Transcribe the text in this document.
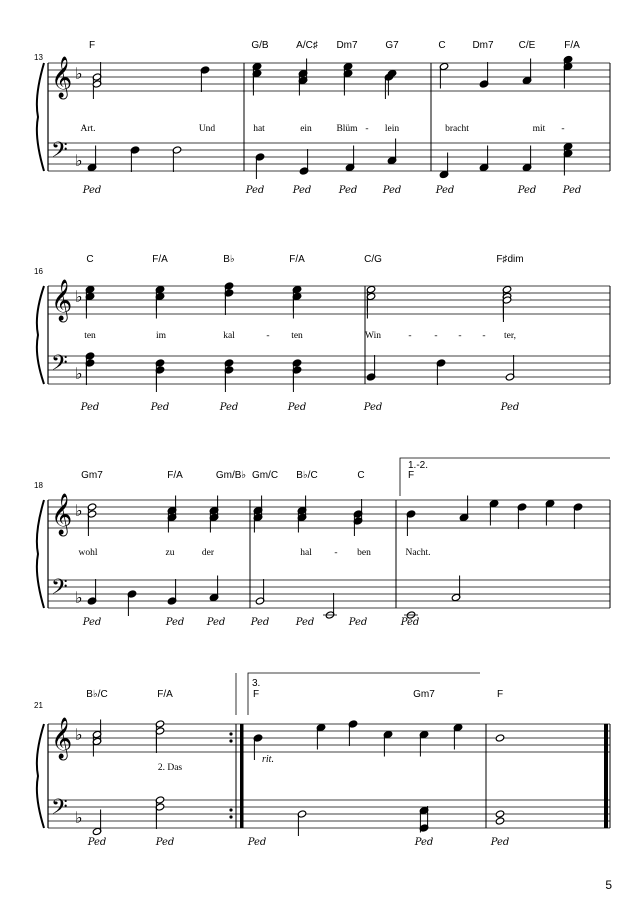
𝄞
𝄢
♭
♭
13
F	G/B	A/C♯ Dm7	G7	C	Dm7	C/E	F/A
Art.	Und	hat	ein	Blüm - lein	bracht	mit -
Ped	Ped	Ped	Ped	Ped	Ped	Ped	Ped
𝄞
𝄢
♭
♭
16
C	F/A	B♭	F/A	C/G	F♯dim
ten	im	kal	- ten	Win	- - - - ter,
Ped	Ped	Ped	Ped	Ped	Ped
𝄞
𝄢
♭
♭
18
Gm7	F/A	Gm/B♭ Gm/C B♭/C	C	F
wohl	zu	der	hal - ben	Nacht.
Ped	Ped Ped	Ped	Ped	Ped	Ped
1.-2.
𝄞
𝄢
♭
♭
21
B♭/C	F/A	F	Gm7	F
2. Das
Ped	Ped	Ped	Ped	Ped
3.
rit.
5
